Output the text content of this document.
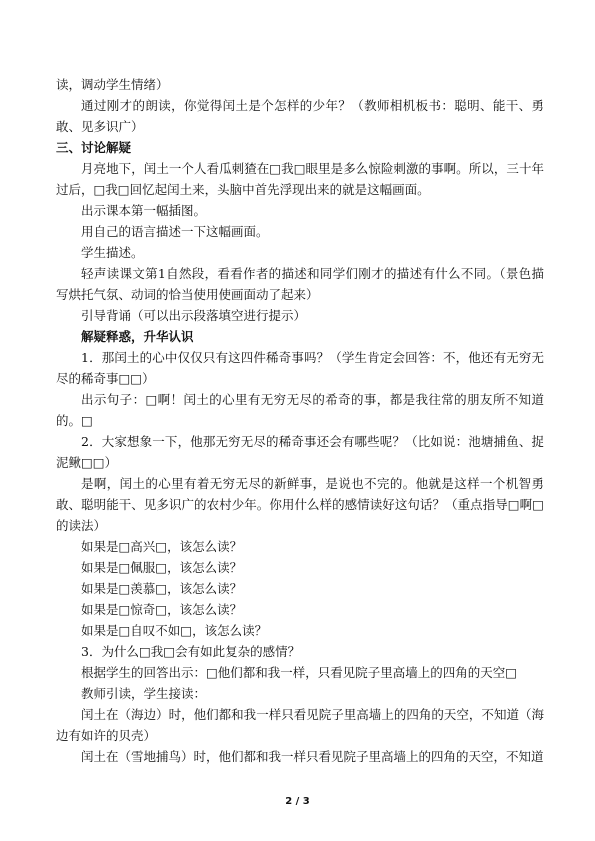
读，调动学生情绪）

通过刚才的朗读，你觉得闰土是个怎样的少年？（教师相机板书：聪明、能干、勇敢、见多识广）

三、讨论解疑

月亮地下，闰土一个人看瓜刺猹在□我□眼里是多么惊险刺激的事啊。所以，三十年过后，□我□回忆起闰土来，头脑中首先浮现出来的就是这幅画面。

出示课本第一幅插图。

用自己的语言描述一下这幅画面。

学生描述。

轻声读课文第1自然段，看看作者的描述和同学们刚才的描述有什么不同。（景色描写烘托气氛、动词的恰当使用使画面动了起来）

引导背诵（可以出示段落填空进行提示）

解疑释惑，升华认识

1．那闰土的心中仅仅只有这四件稀奇事吗？（学生肯定会回答：不，他还有无穷无尽的稀奇事□□）

出示句子：□啊！闰土的心里有无穷无尽的希奇的事，都是我往常的朋友所不知道的。□

2．大家想象一下，他那无穷无尽的稀奇事还会有哪些呢？（比如说：池塘捕鱼、捉泥鳅□□）

是啊，闰土的心里有着无穷无尽的新鲜事，是说也不完的。他就是这样一个机智勇敢、聪明能干、见多识广的农村少年。你用什么样的感情读好这句话？（重点指导□啊□的读法）

如果是□高兴□，该怎么读？

如果是□佩服□，该怎么读？

如果是□羡慕□，该怎么读？

如果是□惊奇□，该怎么读？

如果是□自叹不如□，该怎么读？

3．为什么□我□会有如此复杂的感情？

根据学生的回答出示：□他们都和我一样，只看见院子里高墙上的四角的天空□

教师引读，学生接读：

闰土在（海边）时，他们都和我一样只看见院子里高墙上的四角的天空，不知道（海边有如许的贝壳）

闰土在（雪地捕鸟）时，他们都和我一样只看见院子里高墙上的四角的天空，不知道

2 / 3
